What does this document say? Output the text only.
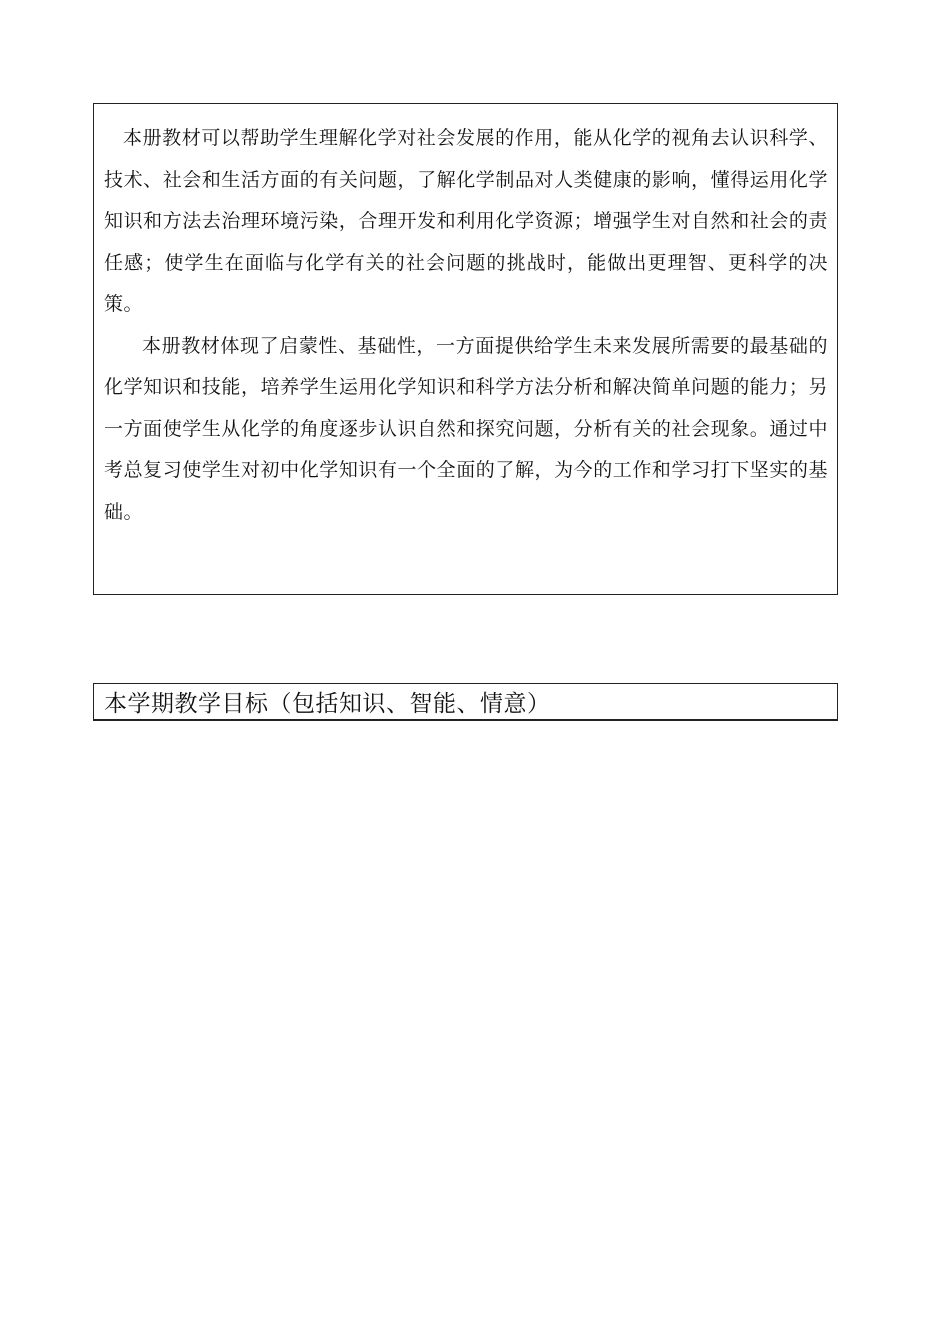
本册教材可以帮助学生理解化学对社会发展的作用，能从化学的视角去认识科学、技术、社会和生活方面的有关问题，了解化学制品对人类健康的影响，懂得运用化学知识和方法去治理环境污染，合理开发和利用化学资源；增强学生对自然和社会的责任感；使学生在面临与化学有关的社会问题的挑战时，能做出更理智、更科学的决策。

本册教材体现了启蒙性、基础性，一方面提供给学生未来发展所需要的最基础的化学知识和技能，培养学生运用化学知识和科学方法分析和解决简单问题的能力；另一方面使学生从化学的角度逐步认识自然和探究问题，分析有关的社会现象。通过中考总复习使学生对初中化学知识有一个全面的了解，为今的工作和学习打下坚实的基础。

本学期教学目标（包括知识、智能、情意）
